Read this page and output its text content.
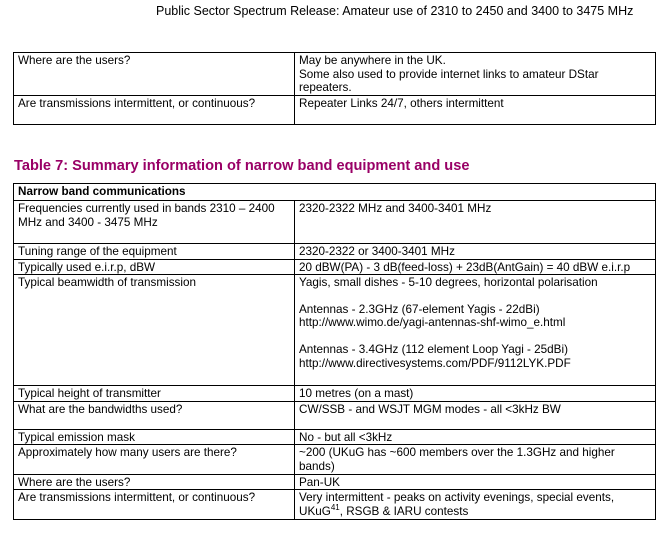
Public Sector Spectrum Release: Amateur use of 2310 to 2450 and 3400 to 3475 MHz
Where are the users?	May be anywhere in the UK.
Some also used to provide internet links to amateur DStar
repeaters.

Are transmissions intermittent, or continuous?	Repeater Links 24/7, others intermittent
Table 7: Summary information of narrow band equipment and use
Narrow band communications	
Frequencies currently used in bands 2310 – 2400 MHz and 3400 - 3475 MHz	2320-2322 MHz and 3400-3401 MHz
Tuning range of the equipment	2320-2322 or 3400-3401 MHz
Typically used e.i.r.p, dBW	20 dBW(PA) - 3 dB(feed-loss) + 23dB(AntGain) = 40 dBW e.i.r.p
Typical beamwidth of transmission	Yagis, small dishes - 5-10 degrees, horizontal polarisation
Antennas - 2.3GHz (67-element Yagis - 22dBi)
http://www.wimo.de/yagi-antennas-shf-wimo_e.html
Antennas - 3.4GHz (112 element Loop Yagi - 25dBi)
http://www.directivesystems.com/PDF/9112LYK.PDF

Typical height of transmitter	10 metres (on a mast)
What are the bandwidths used?	CW/SSB - and WSJT MGM modes - all <3kHz BW
Typical emission mask	No - but all <3kHz
Approximately how many users are there?	~200 (UKuG has ~600 members over the 1.3GHz and higher bands)
Where are the users?	Pan-UK
Are transmissions intermittent, or continuous?	Very intermittent - peaks on activity evenings, special events,
UKuG$^{41}$, RSGB & IARU contests
